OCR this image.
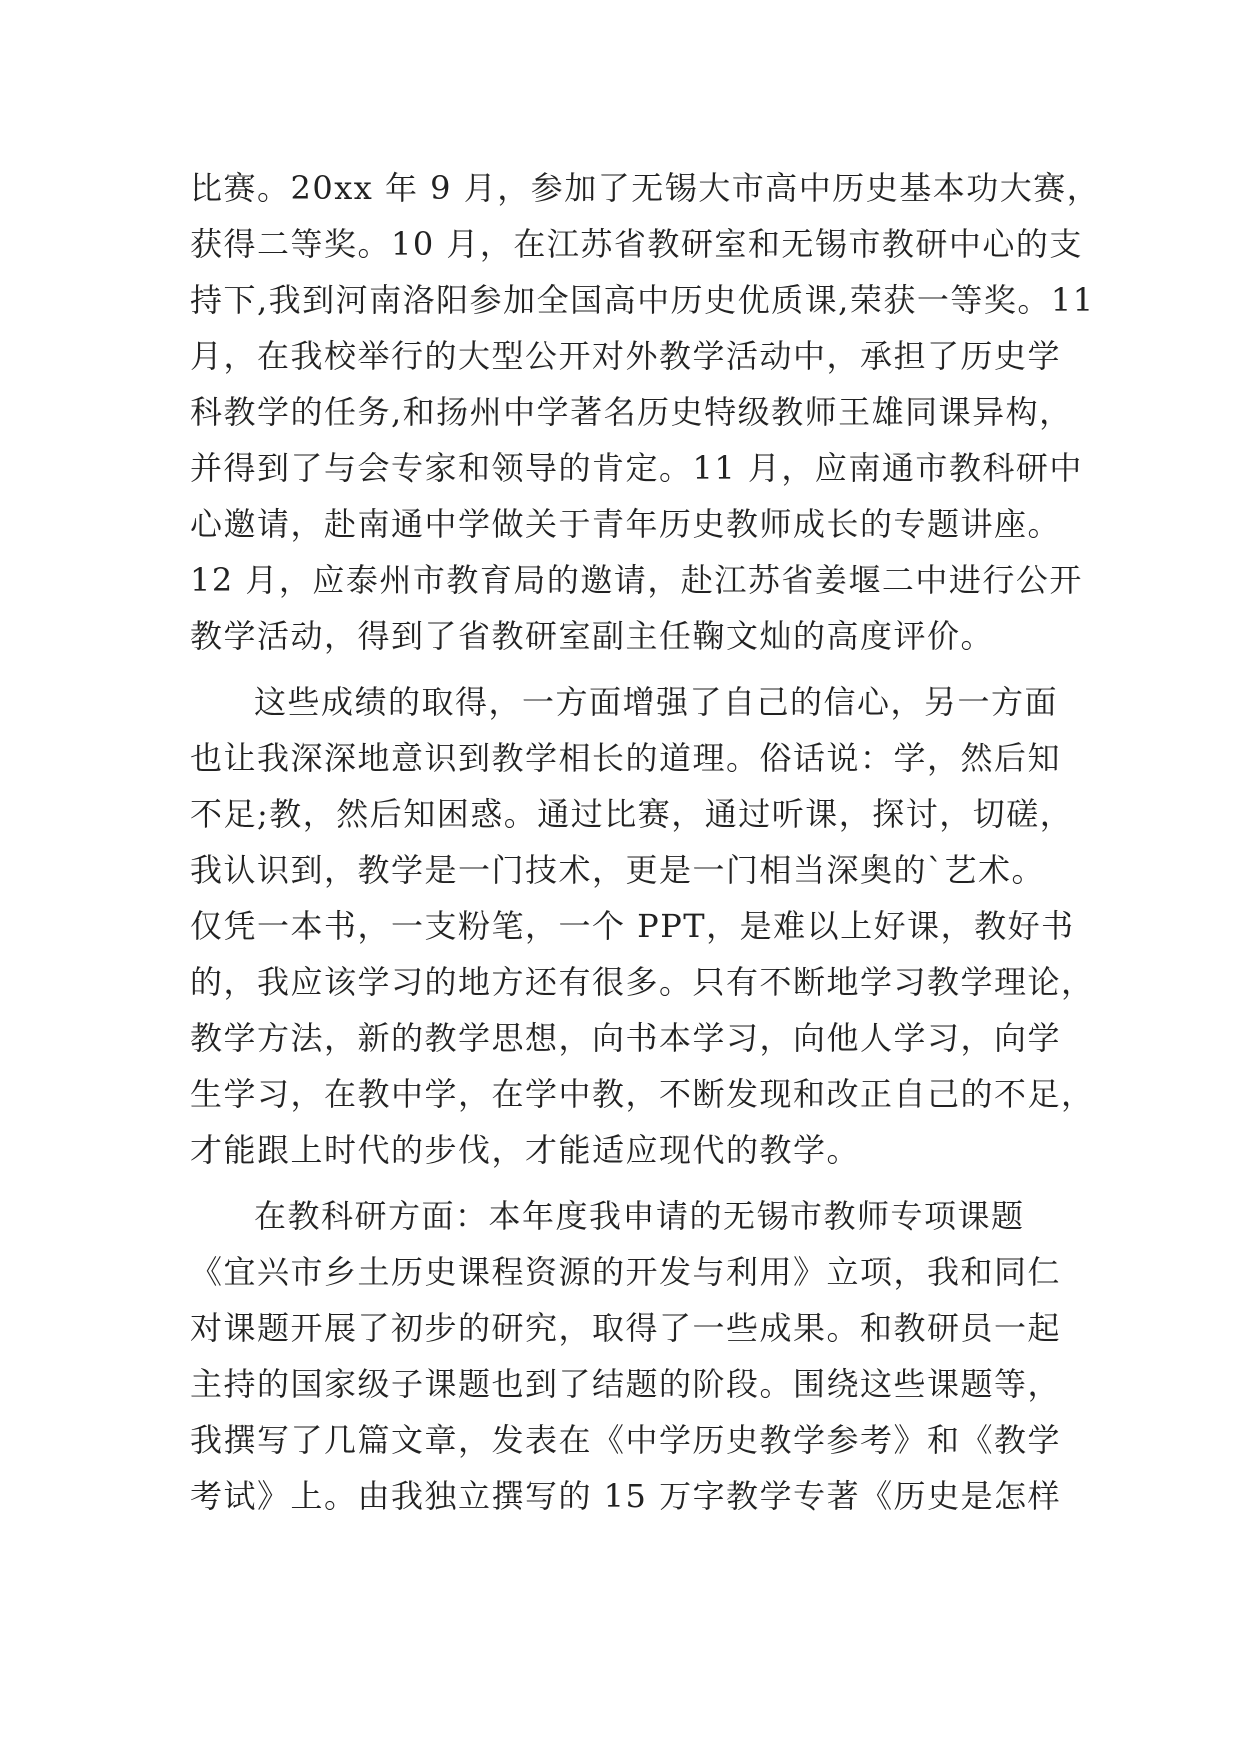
比赛。20xx 年 9 月，参加了无锡大市高中历史基本功大赛，
获得二等奖。10 月，在江苏省教研室和无锡市教研中心的支
持下,我到河南洛阳参加全国高中历史优质课,荣获一等奖。11
月，在我校举行的大型公开对外教学活动中，承担了历史学
科教学的任务,和扬州中学著名历史特级教师王雄同课异构，
并得到了与会专家和领导的肯定。11 月，应南通市教科研中
心邀请，赴南通中学做关于青年历史教师成长的专题讲座。
12 月，应泰州市教育局的邀请，赴江苏省姜堰二中进行公开
教学活动，得到了省教研室副主任鞠文灿的高度评价。
这些成绩的取得，一方面增强了自己的信心，另一方面
也让我深深地意识到教学相长的道理。俗话说：学，然后知
不足;教，然后知困惑。通过比赛，通过听课，探讨，切磋，
我认识到，教学是一门技术，更是一门相当深奥的`艺术。
仅凭一本书，一支粉笔，一个 PPT，是难以上好课，教好书
的，我应该学习的地方还有很多。只有不断地学习教学理论，
教学方法，新的教学思想，向书本学习，向他人学习，向学
生学习，在教中学，在学中教，不断发现和改正自己的不足，
才能跟上时代的步伐，才能适应现代的教学。
在教科研方面：本年度我申请的无锡市教师专项课题
《宜兴市乡土历史课程资源的开发与利用》立项，我和同仁
对课题开展了初步的研究，取得了一些成果。和教研员一起
主持的国家级子课题也到了结题的阶段。围绕这些课题等，
我撰写了几篇文章，发表在《中学历史教学参考》和《教学
考试》上。由我独立撰写的 15 万字教学专著《历史是怎样
